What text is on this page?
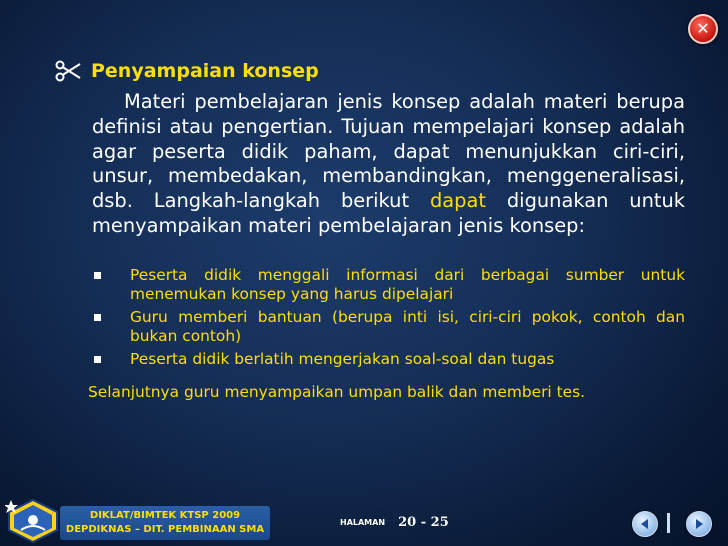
✕
Penyampaian konsep
Materi pembelajaran jenis konsep adalah materi berupa definisi atau pengertian. Tujuan mempelajari konsep adalah agar peserta didik paham, dapat menunjukkan ciri-ciri, unsur, membedakan, membandingkan, menggeneralisasi, dsb. Langkah-langkah berikut dapat digunakan untuk menyampaikan materi pembelajaran jenis konsep:
Peserta didik menggali informasi dari berbagai sumber untuk menemukan konsep yang harus dipelajari
Guru memberi bantuan (berupa inti isi, ciri-ciri pokok, contoh dan bukan contoh)
Peserta didik berlatih mengerjakan soal-soal dan tugas
Selanjutnya guru menyampaikan umpan balik dan memberi tes.
DIKLAT/BIMTEK KTSP 2009
DEPDIKNAS – DIT. PEMBINAAN SMA
HALAMAN 20 - 25
